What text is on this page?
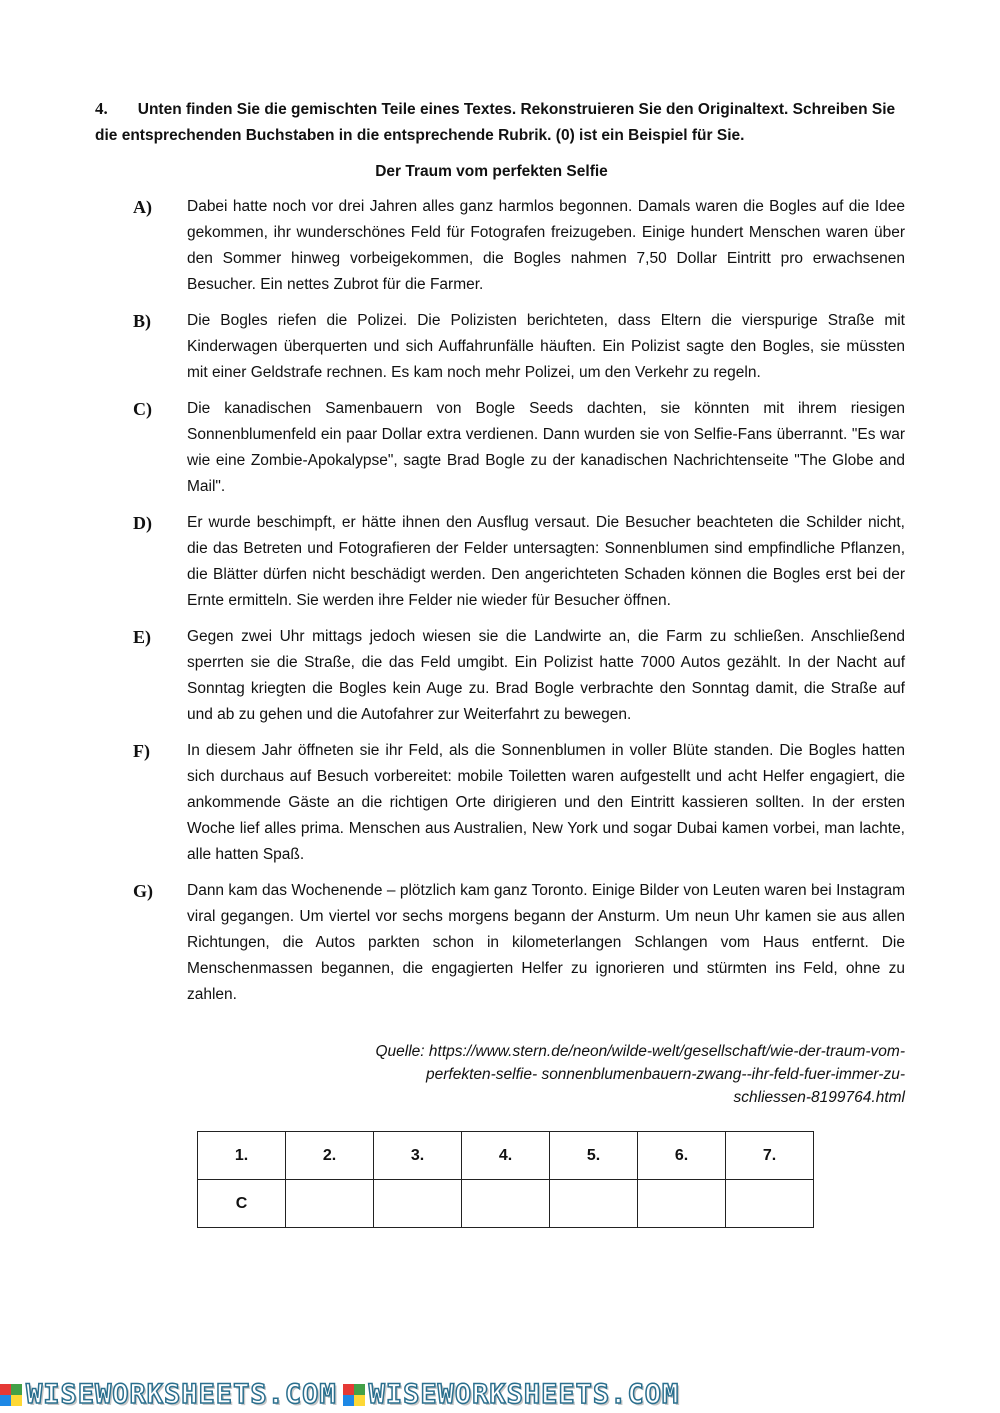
4. Unten finden Sie die gemischten Teile eines Textes. Rekonstruieren Sie den Originaltext. Schreiben Sie die entsprechenden Buchstaben in die entsprechende Rubrik. (0) ist ein Beispiel für Sie.
Der Traum vom perfekten Selfie
A)	Dabei hatte noch vor drei Jahren alles ganz harmlos begonnen. Damals waren die Bogles auf die Idee gekommen, ihr wunderschönes Feld für Fotografen freizugeben. Einige hundert Menschen waren über den Sommer hinweg vorbeigekommen, die Bogles nahmen 7,50 Dollar Eintritt pro erwachsenen Besucher. Ein nettes Zubrot für die Farmer.
B)	Die Bogles riefen die Polizei. Die Polizisten berichteten, dass Eltern die vierspurige Straße mit Kinderwagen überquerten und sich Auffahrunfälle häuften. Ein Polizist sagte den Bogles, sie müssten mit einer Geldstrafe rechnen. Es kam noch mehr Polizei, um den Verkehr zu regeln.
C)	Die kanadischen Samenbauern von Bogle Seeds dachten, sie könnten mit ihrem riesigen Sonnenblumenfeld ein paar Dollar extra verdienen. Dann wurden sie von Selfie-Fans überrannt. "Es war wie eine Zombie-Apokalypse", sagte Brad Bogle zu der kanadischen Nachrichtenseite "The Globe and Mail".
D)	Er wurde beschimpft, er hätte ihnen den Ausflug versaut. Die Besucher beachteten die Schilder nicht, die das Betreten und Fotografieren der Felder untersagten: Sonnenblumen sind empfindliche Pflanzen, die Blätter dürfen nicht beschädigt werden. Den angerichteten Schaden können die Bogles erst bei der Ernte ermitteln. Sie werden ihre Felder nie wieder für Besucher öffnen.
E)	Gegen zwei Uhr mittags jedoch wiesen sie die Landwirte an, die Farm zu schließen. Anschließend sperrten sie die Straße, die das Feld umgibt. Ein Polizist hatte 7000 Autos gezählt. In der Nacht auf Sonntag kriegten die Bogles kein Auge zu. Brad Bogle verbrachte den Sonntag damit, die Straße auf und ab zu gehen und die Autofahrer zur Weiterfahrt zu bewegen.
F)	In diesem Jahr öffneten sie ihr Feld, als die Sonnenblumen in voller Blüte standen. Die Bogles hatten sich durchaus auf Besuch vorbereitet: mobile Toiletten waren aufgestellt und acht Helfer engagiert, die ankommende Gäste an die richtigen Orte dirigieren und den Eintritt kassieren sollten. In der ersten Woche lief alles prima. Menschen aus Australien, New York und sogar Dubai kamen vorbei, man lachte, alle hatten Spaß.
G)	Dann kam das Wochenende – plötzlich kam ganz Toronto. Einige Bilder von Leuten waren bei Instagram viral gegangen. Um viertel vor sechs morgens begann der Ansturm. Um neun Uhr kamen sie aus allen Richtungen, die Autos parkten schon in kilometerlangen Schlangen vom Haus entfernt. Die Menschenmassen begannen, die engagierten Helfer zu ignorieren und stürmten ins Feld, ohne zu zahlen.
Quelle: https://www.stern.de/neon/wilde-welt/gesellschaft/wie-der-traum-vom-
perfekten-selfie- sonnenblumenbauern-zwang--ihr-feld-fuer-immer-zu-
schliessen-8199764.html
1.	2.	3.	4.	5.	6.	7.
C						
WISEWORKSHEETS.COM WISEWORKSHEETS.COM
